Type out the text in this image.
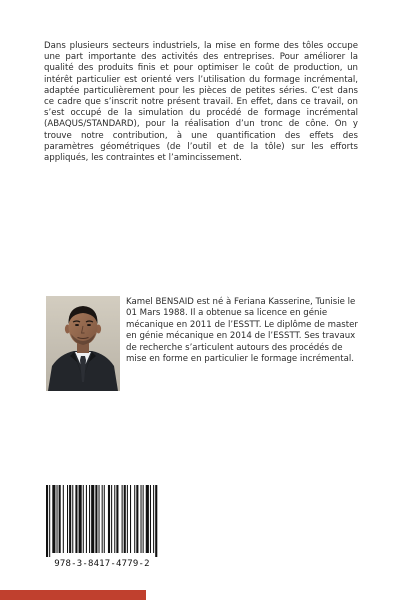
Dans plusieurs secteurs industriels, la mise en forme des tôles occupe une part importante des activités des entreprises. Pour améliorer la qualité des produits finis et pour optimiser le coût de production, un intérêt particulier est orienté vers l’utilisation du formage incrémental, adaptée particulièrement pour les pièces de petites séries. C’est dans ce cadre que s’inscrit notre présent travail. En effet, dans ce travail, on s’est occupé de la simulation du procédé de formage incrémental (ABAQUS/STANDARD), pour la réalisation d’un tronc de cône. On y trouve notre contribution, à une quantification des effets des paramètres géométriques (de l’outil et de la tôle) sur les efforts appliqués, les contraintes et l’amincissement.

Kamel BENSAID est né à Feriana Kasserine, Tunisie le 01 Mars 1988. Il a obtenue sa licence en génie mécanique en 2011 de l’ESSTT. Le diplôme de master en génie mécanique en 2014 de l’ESSTT. Ses travaux de recherche s’articulent autours des procédés de mise en forme en particulier le formage incrémental.

978-3-8417-4779-2
